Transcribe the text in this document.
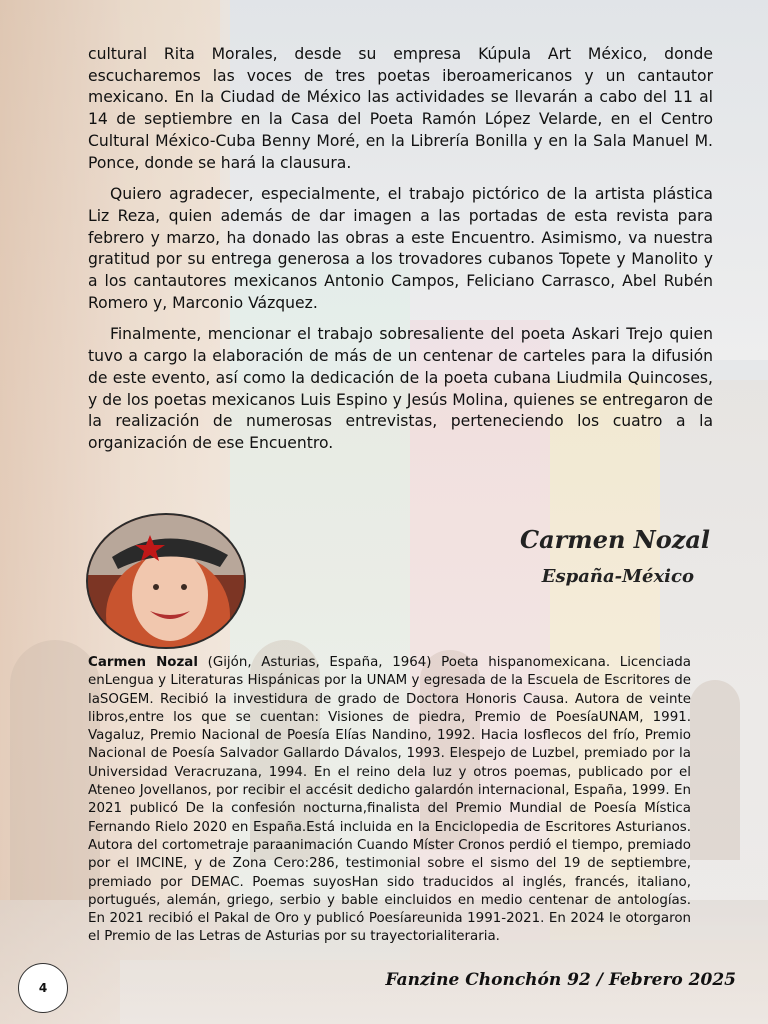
cultural Rita Morales, desde su empresa Kúpula Art México, donde escucharemos las voces de tres poetas iberoamericanos y un cantautor mexicano. En la Ciudad de México las actividades se llevarán a cabo del 11 al 14 de septiembre en la Casa del Poeta Ramón López Velarde, en el Centro Cultural México-Cuba Benny Moré, en la Librería Bonilla y en la Sala Manuel M. Ponce, donde se hará la clausura.

Quiero agradecer, especialmente, el trabajo pictórico de la artista plástica Liz Reza, quien además de dar imagen a las portadas de esta revista para febrero y marzo, ha donado las obras a este Encuentro. Asimismo, va nuestra gratitud por su entrega generosa a los trovadores cubanos Topete y Manolito y a los cantautores mexicanos Antonio Campos, Feliciano Carrasco, Abel Rubén Romero y, Marconio Vázquez.

Finalmente, mencionar el trabajo sobresaliente del poeta Askari Trejo quien tuvo a cargo la elaboración de más de un centenar de carteles para la difusión de este evento, así como la dedicación de la poeta cubana Liudmila Quincoses, y de los poetas mexicanos Luis Espino y Jesús Molina, quienes se entregaron de la realización de numerosas entrevistas, perteneciendo los cuatro a la organización de ese Encuentro.

Carmen Nozal
España-México
Carmen Nozal (Gijón, Asturias, España, 1964) Poeta hispanomexicana. Licenciada enLengua y Literaturas Hispánicas por la UNAM y egresada de la Escuela de Escritores de laSOGEM. Recibió la investidura de grado de Doctora Honoris Causa. Autora de veinte libros,entre los que se cuentan: Visiones de piedra, Premio de PoesíaUNAM, 1991. Vagaluz, Premio Nacional de Poesía Elías Nandino, 1992. Hacia losflecos del frío, Premio Nacional de Poesía Salvador Gallardo Dávalos, 1993. Elespejo de Luzbel, premiado por la Universidad Veracruzana, 1994. En el reino dela luz y otros poemas, publicado por el Ateneo Jovellanos, por recibir el accésit dedicho galardón internacional, España, 1999. En 2021 publicó De la confesión nocturna,finalista del Premio Mundial de Poesía Mística Fernando Rielo 2020 en España.Está incluida en la Enciclopedia de Escritores Asturianos. Autora del cortometraje paraanimación Cuando Míster Cronos perdió el tiempo, premiado por el IMCINE, y de Zona Cero:286, testimonial sobre el sismo del 19 de septiembre, premiado por DEMAC. Poemas suyosHan sido traducidos al inglés, francés, italiano, portugués, alemán, griego, serbio y bable eincluidos en medio centenar de antologías. En 2021 recibió el Pakal de Oro y publicó Poesíareunida 1991-2021. En 2024 le otorgaron el Premio de las Letras de Asturias por su trayectorialiteraria.
4	Fanzine Chonchón 92 / Febrero 2025
